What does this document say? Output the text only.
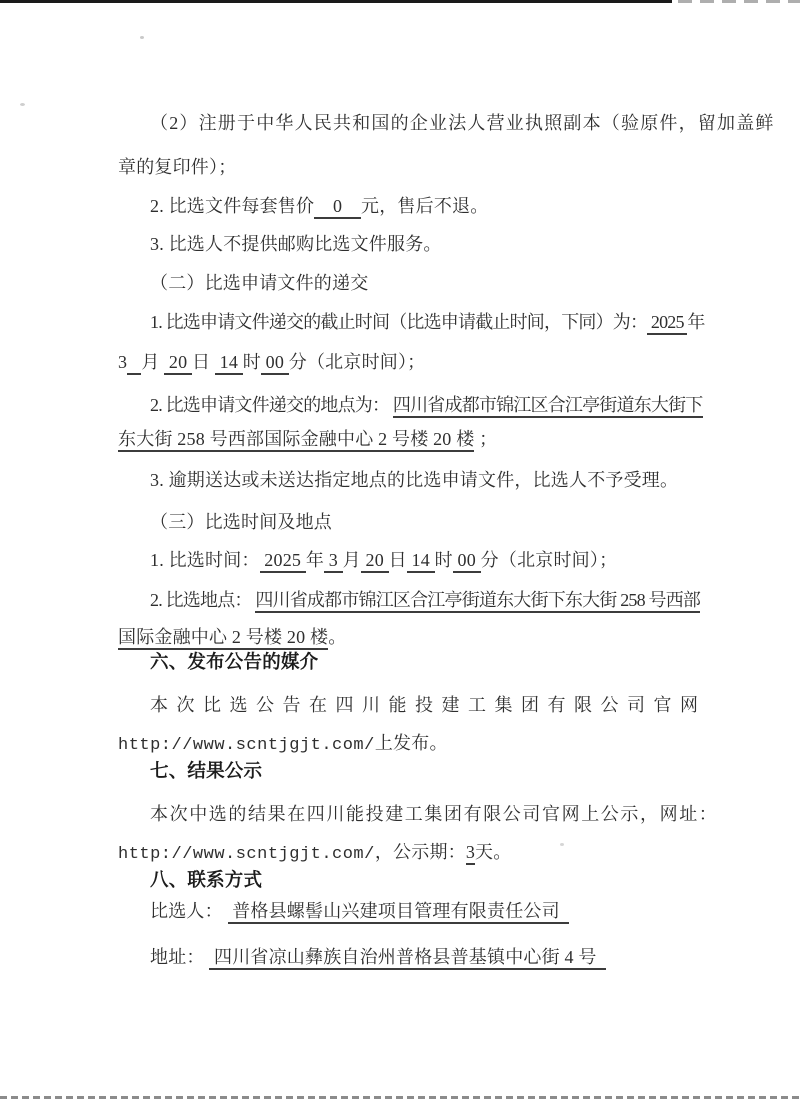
（2）注册于中华人民共和国的企业法人营业执照副本（验原件，留加盖鲜
章的复印件）；
2. 比选文件每套售价    0    元，售后不退。
3. 比选人不提供邮购比选文件服务。
（二）比选申请文件的递交
1. 比选申请文件递交的截止时间（比选申请截止时间，下同）为： 2025 年
3 月  20 日  14 时 00 分（北京时间）；
2. 比选申请文件递交的地点为： 四川省成都市锦江区合江亭街道东大街下
东大街 258 号西部国际金融中心 2 号楼 20 楼 ；
3. 逾期送达或未送达指定地点的比选申请文件，比选人不予受理。
（三）比选时间及地点
1. 比选时间： 2025 年 3 月 20 日 14 时 00 分（北京时间）；
2. 比选地点： 四川省成都市锦江区合江亭街道东大街下东大街 258 号西部
国际金融中心 2 号楼 20 楼。
六、发布公告的媒介
本次比选公告在四川能投建工集团有限公司官网
http://www.scntjgjt.com/上发布。
七、结果公示
本次中选的结果在四川能投建工集团有限公司官网上公示，网址：
http://www.scntjgjt.com/，公示期：3天。
八、联系方式
比选人：  普格县螺髻山兴建项目管理有限责任公司
地址：  四川省凉山彝族自治州普格县普基镇中心街 4 号
